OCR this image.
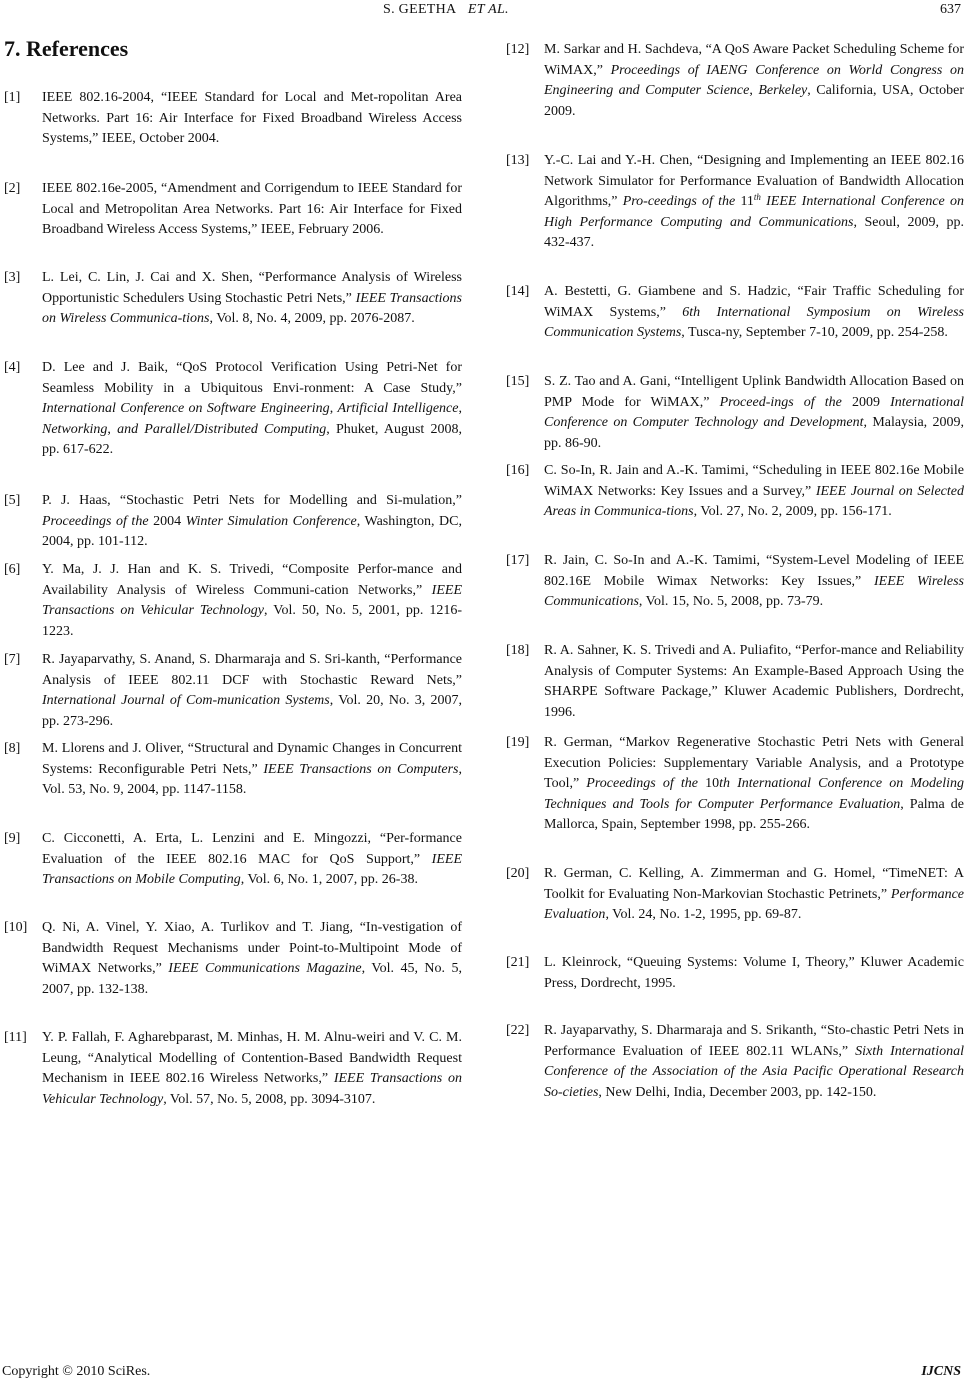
S. GEETHA ET AL.	637
7. References
[1] IEEE 802.16-2004, “IEEE Standard for Local and Met-ropolitan Area Networks. Part 16: Air Interface for Fixed Broadband Wireless Access Systems,” IEEE, October 2004.
[2] IEEE 802.16e-2005, “Amendment and Corrigendum to IEEE Standard for Local and Metropolitan Area Networks. Part 16: Air Interface for Fixed Broadband Wireless Access Systems,” IEEE, February 2006.
[3] L. Lei, C. Lin, J. Cai and X. Shen, “Performance Analysis of Wireless Opportunistic Schedulers Using Stochastic Petri Nets,” IEEE Transactions on Wireless Communica-tions, Vol. 8, No. 4, 2009, pp. 2076-2087.
[4] D. Lee and J. Baik, “QoS Protocol Verification Using Petri-Net for Seamless Mobility in a Ubiquitous Envi-ronment: A Case Study,” International Conference on Software Engineering, Artificial Intelligence, Networking, and Parallel/Distributed Computing, Phuket, August 2008, pp. 617-622.
[5] P. J. Haas, “Stochastic Petri Nets for Modelling and Si-mulation,” Proceedings of the 2004 Winter Simulation Conference, Washington, DC, 2004, pp. 101-112.
[6] Y. Ma, J. J. Han and K. S. Trivedi, “Composite Perfor-mance and Availability Analysis of Wireless Communi-cation Networks,” IEEE Transactions on Vehicular Technology, Vol. 50, No. 5, 2001, pp. 1216-1223.
[7] R. Jayaparvathy, S. Anand, S. Dharmaraja and S. Sri-kanth, “Performance Analysis of IEEE 802.11 DCF with Stochastic Reward Nets,” International Journal of Com-munication Systems, Vol. 20, No. 3, 2007, pp. 273-296.
[8] M. Llorens and J. Oliver, “Structural and Dynamic Changes in Concurrent Systems: Reconfigurable Petri Nets,” IEEE Transactions on Computers, Vol. 53, No. 9, 2004, pp. 1147-1158.
[9] C. Cicconetti, A. Erta, L. Lenzini and E. Mingozzi, “Per-formance Evaluation of the IEEE 802.16 MAC for QoS Support,” IEEE Transactions on Mobile Computing, Vol. 6, No. 1, 2007, pp. 26-38.
[10] Q. Ni, A. Vinel, Y. Xiao, A. Turlikov and T. Jiang, “In-vestigation of Bandwidth Request Mechanisms under Point-to-Multipoint Mode of WiMAX Networks,” IEEE Communications Magazine, Vol. 45, No. 5, 2007, pp. 132-138.
[11] Y. P. Fallah, F. Agharebparast, M. Minhas, H. M. Alnu-weiri and V. C. M. Leung, “Analytical Modelling of Contention-Based Bandwidth Request Mechanism in IEEE 802.16 Wireless Networks,” IEEE Transactions on Vehicular Technology, Vol. 57, No. 5, 2008, pp. 3094-3107.
[12] M. Sarkar and H. Sachdeva, “A QoS Aware Packet Scheduling Scheme for WiMAX,” Proceedings of IAENG Conference on World Congress on Engineering and Computer Science, Berkeley, California, USA, October 2009.
[13] Y.-C. Lai and Y.-H. Chen, “Designing and Implementing an IEEE 802.16 Network Simulator for Performance Evaluation of Bandwidth Allocation Algorithms,” Pro-ceedings of the 11th IEEE International Conference on High Performance Computing and Communications, Seoul, 2009, pp. 432-437.
[14] A. Bestetti, G. Giambene and S. Hadzic, “Fair Traffic Scheduling for WiMAX Systems,” 6th International Symposium on Wireless Communication Systems, Tusca-ny, September 7-10, 2009, pp. 254-258.
[15] S. Z. Tao and A. Gani, “Intelligent Uplink Bandwidth Allocation Based on PMP Mode for WiMAX,” Proceed-ings of the 2009 International Conference on Computer Technology and Development, Malaysia, 2009, pp. 86-90.
[16] C. So-In, R. Jain and A.-K. Tamimi, “Scheduling in IEEE 802.16e Mobile WiMAX Networks: Key Issues and a Survey,” IEEE Journal on Selected Areas in Communica-tions, Vol. 27, No. 2, 2009, pp. 156-171.
[17] R. Jain, C. So-In and A.-K. Tamimi, “System-Level Modeling of IEEE 802.16E Mobile Wimax Networks: Key Issues,” IEEE Wireless Communications, Vol. 15, No. 5, 2008, pp. 73-79.
[18] R. A. Sahner, K. S. Trivedi and A. Puliafito, “Perfor-mance and Reliability Analysis of Computer Systems: An Example-Based Approach Using the SHARPE Software Package,” Kluwer Academic Publishers, Dordrecht, 1996.
[19] R. German, “Markov Regenerative Stochastic Petri Nets with General Execution Policies: Supplementary Variable Analysis, and a Prototype Tool,” Proceedings of the 10th International Conference on Modeling Techniques and Tools for Computer Performance Evaluation, Palma de Mallorca, Spain, September 1998, pp. 255-266.
[20] R. German, C. Kelling, A. Zimmerman and G. Homel, “TimeNET: A Toolkit for Evaluating Non-Markovian Stochastic Petrinets,” Performance Evaluation, Vol. 24, No. 1-2, 1995, pp. 69-87.
[21] L. Kleinrock, “Queuing Systems: Volume I, Theory,” Kluwer Academic Press, Dordrecht, 1995.
[22] R. Jayaparvathy, S. Dharmaraja and S. Srikanth, “Sto-chastic Petri Nets in Performance Evaluation of IEEE 802.11 WLANs,” Sixth International Conference of the Association of the Asia Pacific Operational Research So-cieties, New Delhi, India, December 2003, pp. 142-150.
Copyright © 2010 SciRes.	IJCNS
